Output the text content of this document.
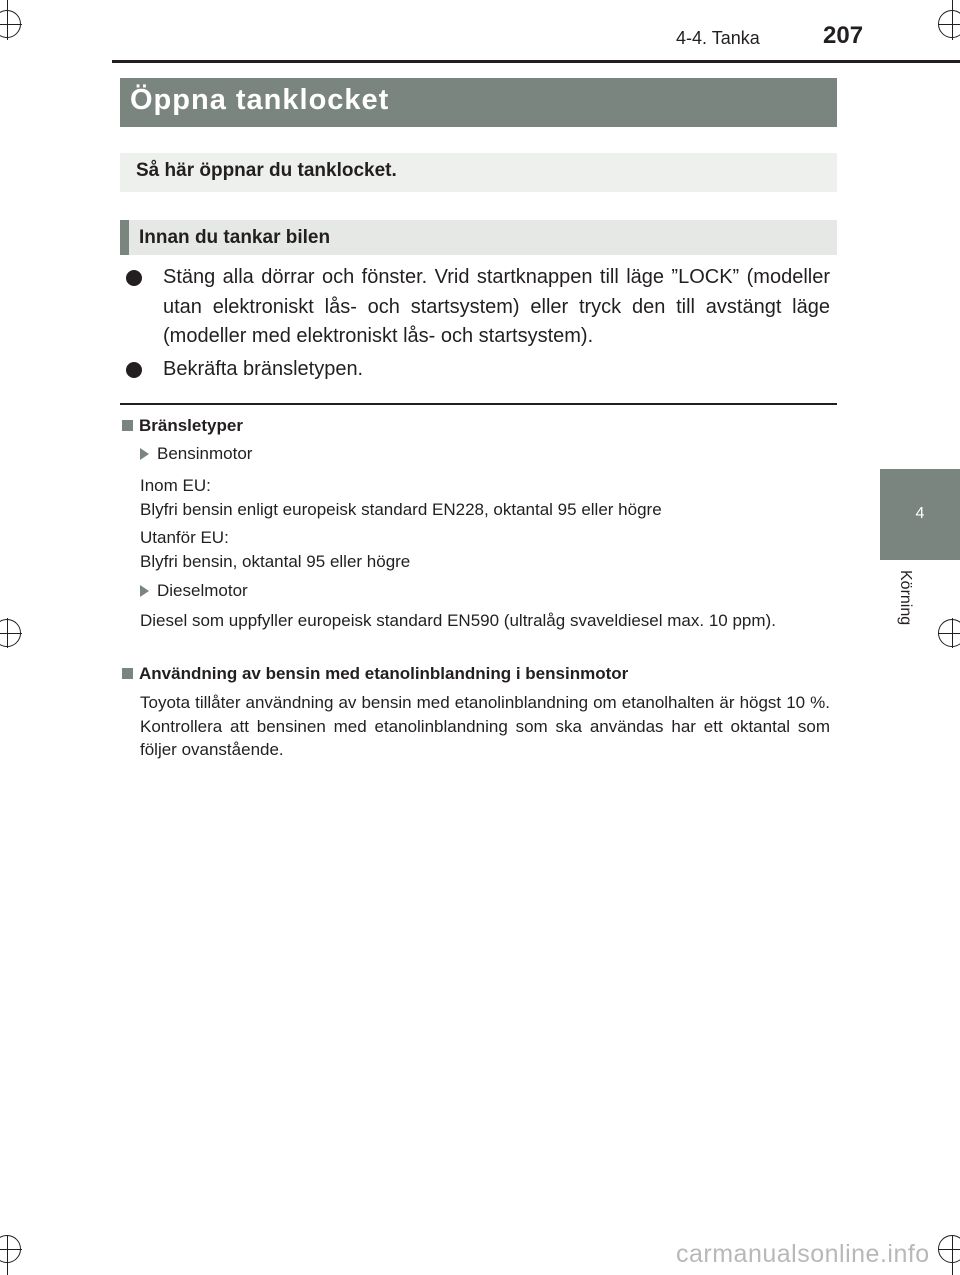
4-4. Tanka	207
4
Körning
Öppna tanklocket
Så här öppnar du tanklocket.
Innan du tankar bilen
Stäng alla dörrar och fönster. Vrid startknappen till läge ”LOCK” (modeller utan elektroniskt lås- och startsystem) eller tryck den till avstängt läge (modeller med elektroniskt lås- och startsystem).
Bekräfta bränsletypen.
Bränsletyper
Bensinmotor
Inom EU:
Blyfri bensin enligt europeisk standard EN228, oktantal 95 eller högre
Utanför EU:
Blyfri bensin, oktantal 95 eller högre
Dieselmotor
Diesel som uppfyller europeisk standard EN590 (ultralåg svaveldiesel max. 10 ppm).
Användning av bensin med etanolinblandning i bensinmotor
Toyota tillåter användning av bensin med etanolinblandning om etanolhalten är högst 10 %. Kontrollera att bensinen med etanolinblandning som ska användas har ett oktantal som följer ovanstående.
carmanualsonline.info
